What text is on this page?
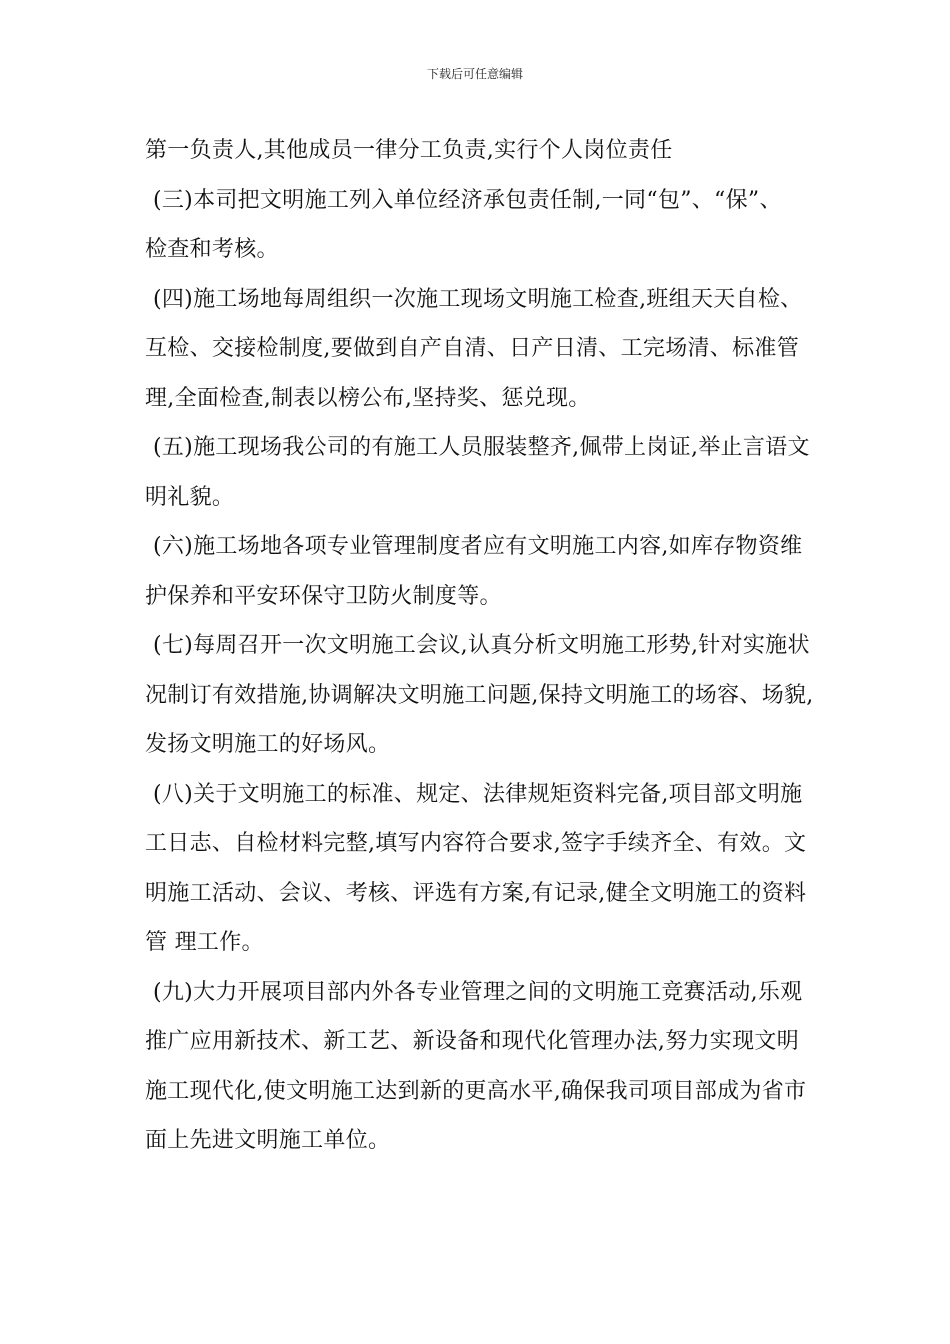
下载后可任意编辑

第一负责人,其他成员一律分工负责,实行个人岗位责任

(三)本司把文明施工列入单位经济承包责任制,一同“包”、“保”、

检查和考核。

(四)施工场地每周组织一次施工现场文明施工检查,班组天天自检、

互检、交接检制度,要做到自产自清、日产日清、工完场清、标准管

理,全面检查,制表以榜公布,坚持奖、惩兑现。

(五)施工现场我公司的有施工人员服装整齐,佩带上岗证,举止言语文

明礼貌。

(六)施工场地各项专业管理制度者应有文明施工内容,如库存物资维

护保养和平安环保守卫防火制度等。

(七)每周召开一次文明施工会议,认真分析文明施工形势,针对实施状

况制订有效措施,协调解决文明施工问题,保持文明施工的场容、场貌,

发扬文明施工的好场风。

(八)关于文明施工的标准、规定、法律规矩资料完备,项目部文明施

工日志、自检材料完整,填写内容符合要求,签字手续齐全、有效。文

明施工活动、会议、考核、评选有方案,有记录,健全文明施工的资料

管 理工作。

(九)大力开展项目部内外各专业管理之间的文明施工竞赛活动,乐观

推广应用新技术、新工艺、新设备和现代化管理办法,努力实现文明

施工现代化,使文明施工达到新的更高水平,确保我司项目部成为省市

面上先进文明施工单位。
